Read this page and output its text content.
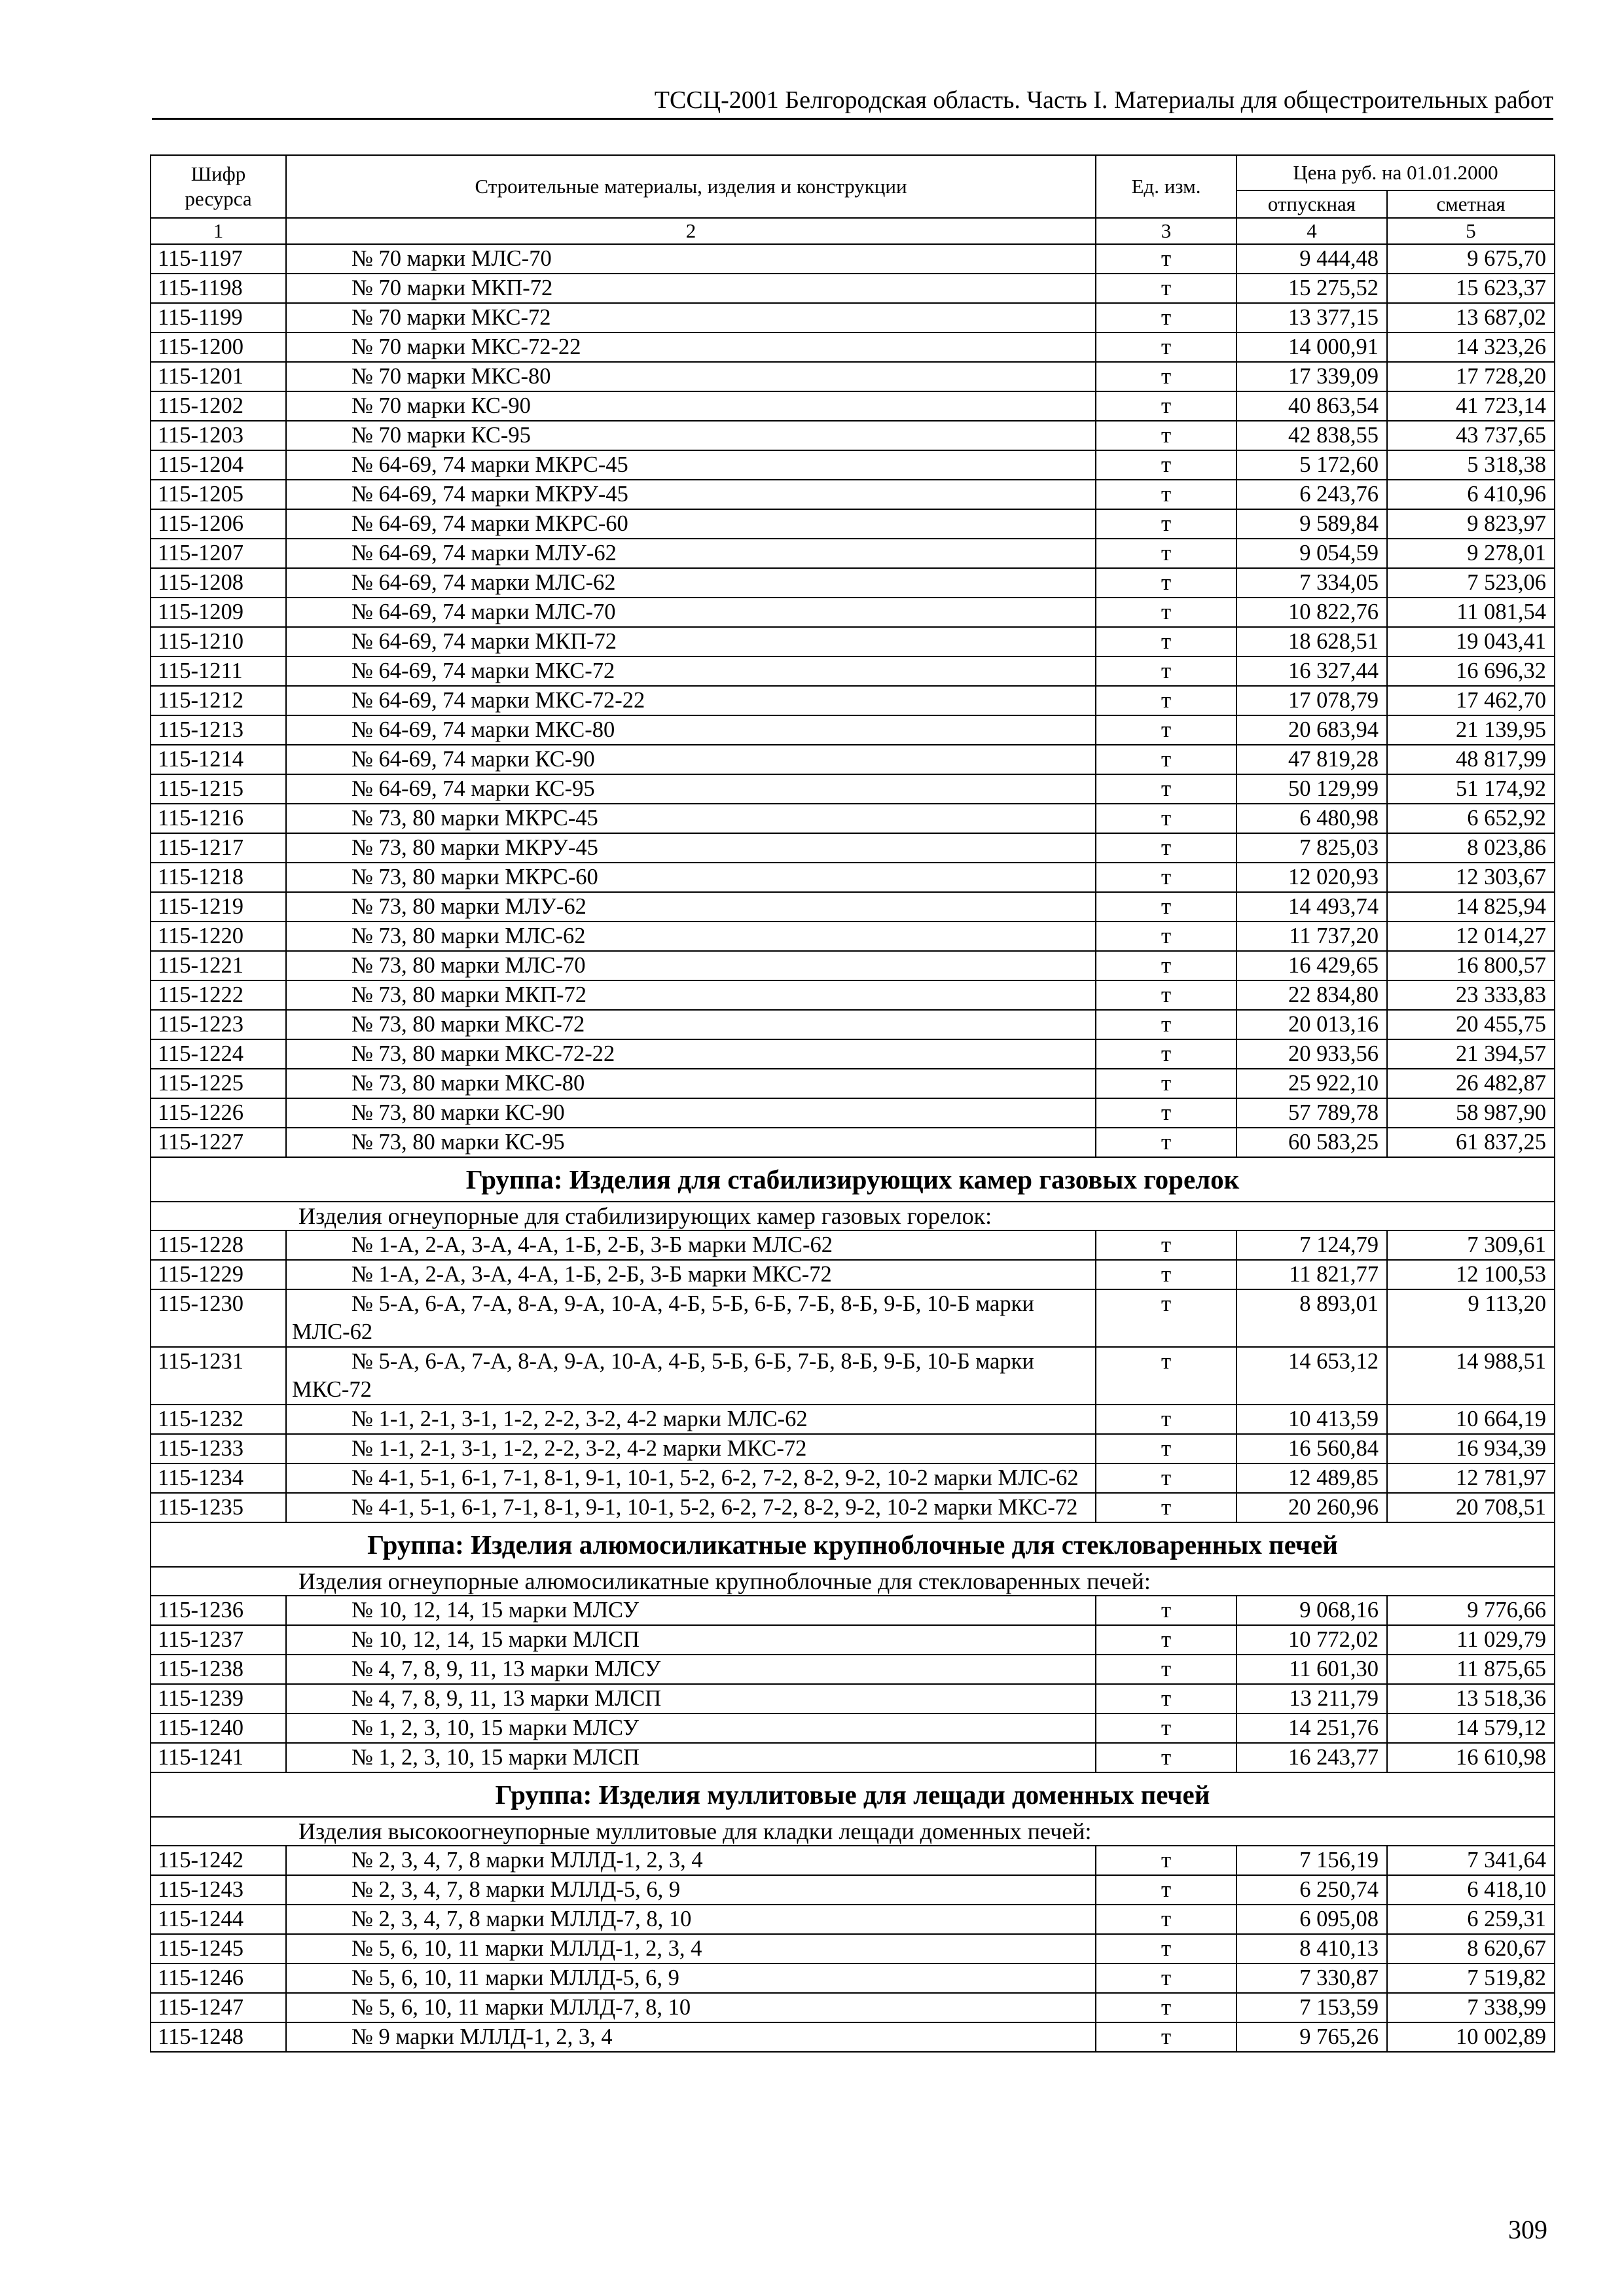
ТССЦ-2001 Белгородская область. Часть I. Материалы для общестроительных работ
Шифр ресурса	Строительные материалы, изделия и конструкции	Ед. изм.	Цена руб. на 01.01.2000	
			отпускная	сметная
1	2	3	4	5
115-1197	№ 70 марки МЛС-70	т	9 444,48	9 675,70
115-1198	№ 70 марки МКП-72	т	15 275,52	15 623,37
115-1199	№ 70 марки МКС-72	т	13 377,15	13 687,02
115-1200	№ 70 марки МКС-72-22	т	14 000,91	14 323,26
115-1201	№ 70 марки МКС-80	т	17 339,09	17 728,20
115-1202	№ 70 марки КС-90	т	40 863,54	41 723,14
115-1203	№ 70 марки КС-95	т	42 838,55	43 737,65
115-1204	№ 64-69, 74 марки МКРС-45	т	5 172,60	5 318,38
115-1205	№ 64-69, 74 марки МКРУ-45	т	6 243,76	6 410,96
115-1206	№ 64-69, 74 марки МКРС-60	т	9 589,84	9 823,97
115-1207	№ 64-69, 74 марки МЛУ-62	т	9 054,59	9 278,01
115-1208	№ 64-69, 74 марки МЛС-62	т	7 334,05	7 523,06
115-1209	№ 64-69, 74 марки МЛС-70	т	10 822,76	11 081,54
115-1210	№ 64-69, 74 марки МКП-72	т	18 628,51	19 043,41
115-1211	№ 64-69, 74 марки МКС-72	т	16 327,44	16 696,32
115-1212	№ 64-69, 74 марки МКС-72-22	т	17 078,79	17 462,70
115-1213	№ 64-69, 74 марки МКС-80	т	20 683,94	21 139,95
115-1214	№ 64-69, 74 марки КС-90	т	47 819,28	48 817,99
115-1215	№ 64-69, 74 марки КС-95	т	50 129,99	51 174,92
115-1216	№ 73, 80 марки МКРС-45	т	6 480,98	6 652,92
115-1217	№ 73, 80 марки МКРУ-45	т	7 825,03	8 023,86
115-1218	№ 73, 80 марки МКРС-60	т	12 020,93	12 303,67
115-1219	№ 73, 80 марки МЛУ-62	т	14 493,74	14 825,94
115-1220	№ 73, 80 марки МЛС-62	т	11 737,20	12 014,27
115-1221	№ 73, 80 марки МЛС-70	т	16 429,65	16 800,57
115-1222	№ 73, 80 марки МКП-72	т	22 834,80	23 333,83
115-1223	№ 73, 80 марки МКС-72	т	20 013,16	20 455,75
115-1224	№ 73, 80 марки МКС-72-22	т	20 933,56	21 394,57
115-1225	№ 73, 80 марки МКС-80	т	25 922,10	26 482,87
115-1226	№ 73, 80 марки КС-90	т	57 789,78	58 987,90
115-1227	№ 73, 80 марки КС-95	т	60 583,25	61 837,25
Группа: Изделия для стабилизирующих камер газовых горелок				
Изделия огнеупорные для стабилизирующих камер газовых горелок:				
115-1228	№ 1-А, 2-А, 3-А, 4-А, 1-Б, 2-Б, 3-Б марки МЛС-62	т	7 124,79	7 309,61
115-1229	№ 1-А, 2-А, 3-А, 4-А, 1-Б, 2-Б, 3-Б марки МКС-72	т	11 821,77	12 100,53
115-1230	№ 5-А, 6-А, 7-А, 8-А, 9-А, 10-А, 4-Б, 5-Б, 6-Б, 7-Б, 8-Б, 9-Б, 10-Б марки МЛС-62	т	8 893,01	9 113,20
115-1231	№ 5-А, 6-А, 7-А, 8-А, 9-А, 10-А, 4-Б, 5-Б, 6-Б, 7-Б, 8-Б, 9-Б, 10-Б марки МКС-72	т	14 653,12	14 988,51
115-1232	№ 1-1, 2-1, 3-1, 1-2, 2-2, 3-2, 4-2 марки МЛС-62	т	10 413,59	10 664,19
115-1233	№ 1-1, 2-1, 3-1, 1-2, 2-2, 3-2, 4-2 марки МКС-72	т	16 560,84	16 934,39
115-1234	№ 4-1, 5-1, 6-1, 7-1, 8-1, 9-1, 10-1, 5-2, 6-2, 7-2, 8-2, 9-2, 10-2 марки МЛС-62	т	12 489,85	12 781,97
115-1235	№ 4-1, 5-1, 6-1, 7-1, 8-1, 9-1, 10-1, 5-2, 6-2, 7-2, 8-2, 9-2, 10-2 марки МКС-72	т	20 260,96	20 708,51
Группа: Изделия алюмосиликатные крупноблочные для стекловаренных печей				
Изделия огнеупорные алюмосиликатные крупноблочные для стекловаренных печей:				
115-1236	№ 10, 12, 14, 15 марки МЛСУ	т	9 068,16	9 776,66
115-1237	№ 10, 12, 14, 15 марки МЛСП	т	10 772,02	11 029,79
115-1238	№ 4, 7, 8, 9, 11, 13 марки МЛСУ	т	11 601,30	11 875,65
115-1239	№ 4, 7, 8, 9, 11, 13 марки МЛСП	т	13 211,79	13 518,36
115-1240	№ 1, 2, 3, 10, 15 марки МЛСУ	т	14 251,76	14 579,12
115-1241	№ 1, 2, 3, 10, 15 марки МЛСП	т	16 243,77	16 610,98
Группа: Изделия муллитовые для лещади доменных печей				
Изделия высокоогнеупорные муллитовые для кладки лещади доменных печей:				
115-1242	№ 2, 3, 4, 7, 8 марки МЛЛД-1, 2, 3, 4	т	7 156,19	7 341,64
115-1243	№ 2, 3, 4, 7, 8 марки МЛЛД-5, 6, 9	т	6 250,74	6 418,10
115-1244	№ 2, 3, 4, 7, 8 марки МЛЛД-7, 8, 10	т	6 095,08	6 259,31
115-1245	№ 5, 6, 10, 11 марки МЛЛД-1, 2, 3, 4	т	8 410,13	8 620,67
115-1246	№ 5, 6, 10, 11 марки МЛЛД-5, 6, 9	т	7 330,87	7 519,82
115-1247	№ 5, 6, 10, 11 марки МЛЛД-7, 8, 10	т	7 153,59	7 338,99
115-1248	№ 9 марки МЛЛД-1, 2, 3, 4	т	9 765,26	10 002,89
309
